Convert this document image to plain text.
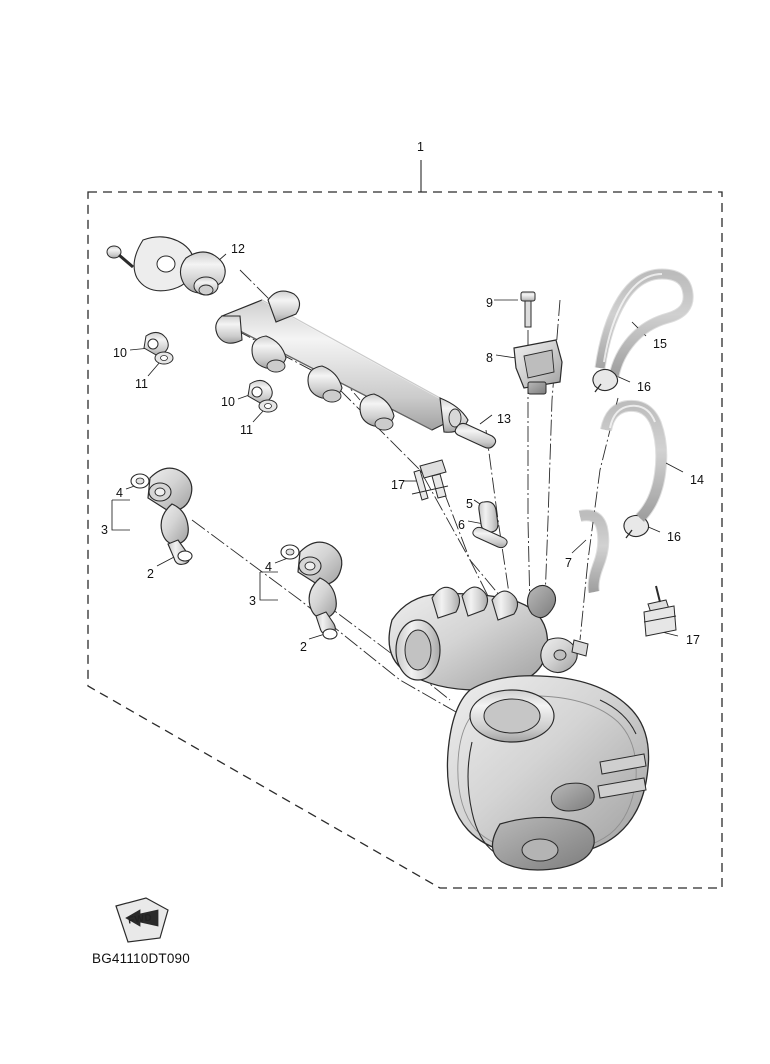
1
12
9
15
10	8
11	16
10
13
11
14
17
4
5
3	6
16
2	4	7
3
17
2
FWD
BG41110DT090
